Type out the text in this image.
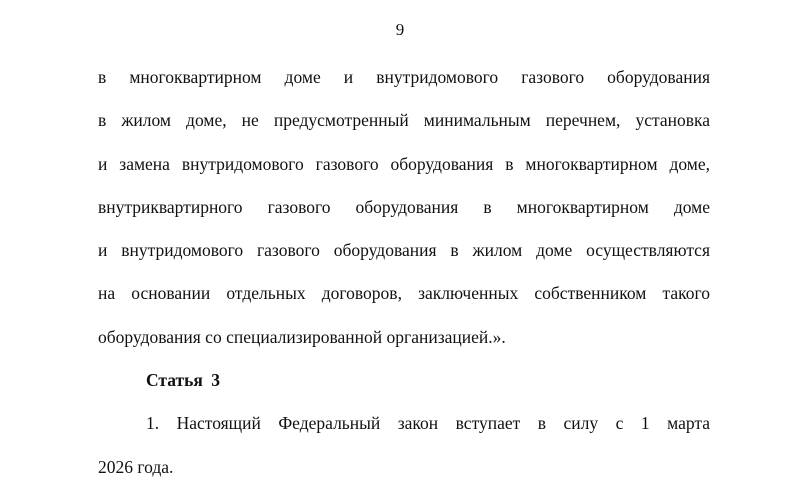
9
в многоквартирном доме и внутридомового газового оборудования
в жилом доме, не предусмотренный минимальным перечнем, установка
и замена внутридомового газового оборудования в многоквартирном доме,
внутриквартирного газового оборудования в многоквартирном доме
и внутридомового газового оборудования в жилом доме осуществляются
на основании отдельных договоров, заключенных собственником такого
оборудования со специализированной организацией.».
Статья 3
1. Настоящий Федеральный закон вступает в силу с 1 марта
2026 года.
